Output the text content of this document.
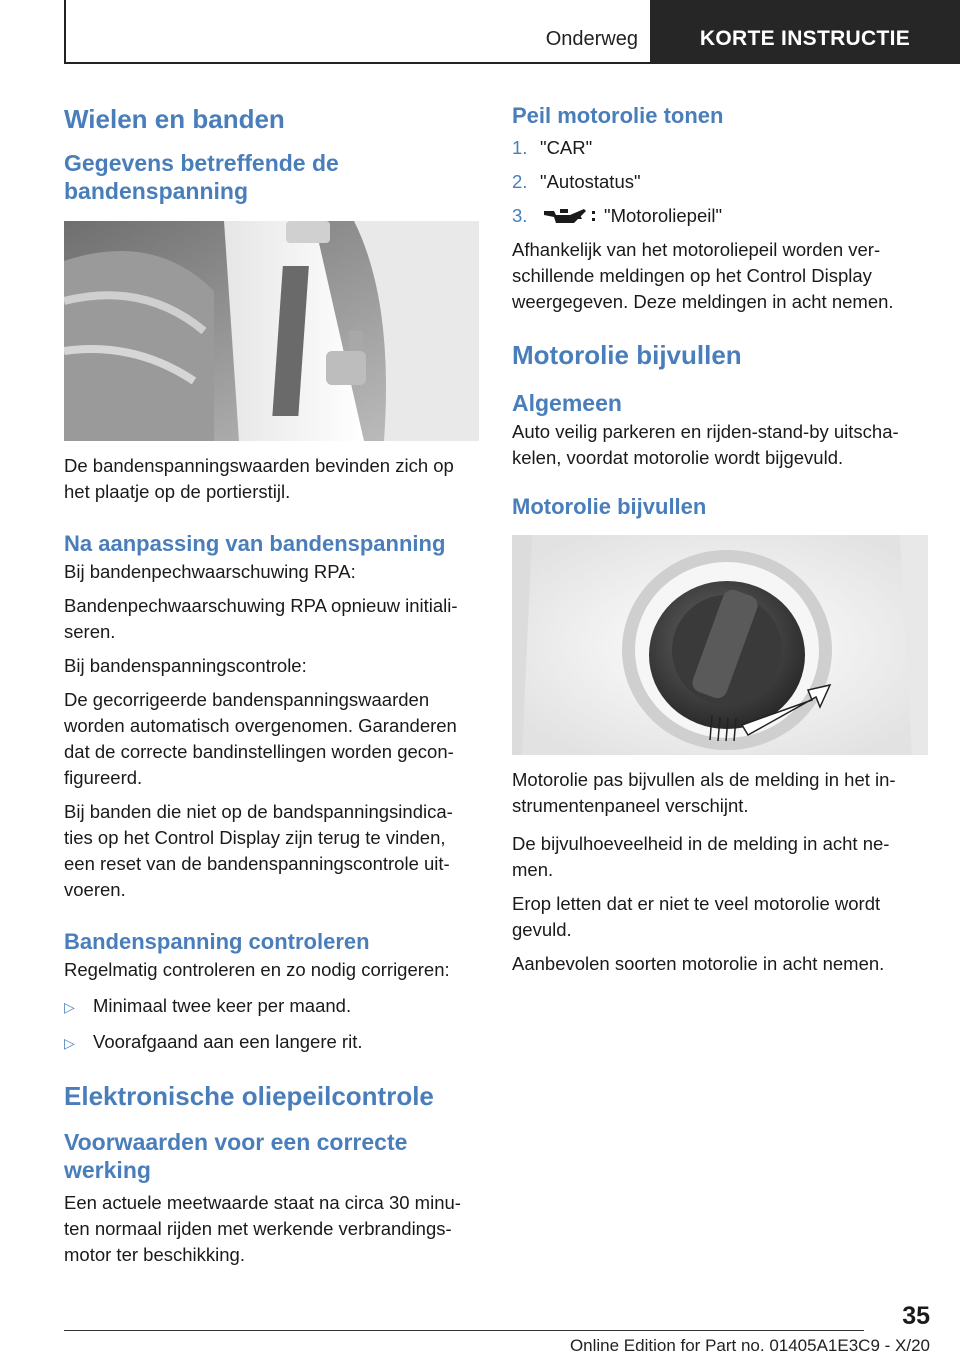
Onderweg	KORTE INSTRUCTIE
Wielen en banden
Gegevens betreffende de bandenspanning

De bandenspanningswaarden bevinden zich op het plaatje op de portierstijl.

Na aanpassing van bandenspanning

Bij bandenpechwaarschuwing RPA:

Bandenpechwaarschuwing RPA opnieuw initiali-seren.

Bij bandenspanningscontrole:

De gecorrigeerde bandenspanningswaarden worden automatisch overgenomen. Garanderen dat de correcte bandinstellingen worden gecon-figureerd.

Bij banden die niet op de bandspanningsindica-ties op het Control Display zijn terug te vinden, een reset van de bandenspanningscontrole uit-voeren.

Bandenspanning controleren

Regelmatig controleren en zo nodig corrigeren:

▷ Minimaal twee keer per maand.
▷ Voorafgaand aan een langere rit.
Elektronische oliepeilcontrole
Voorwaarden voor een correcte werking

Een actuele meetwaarde staat na circa 30 minu-ten normaal rijden met werkende verbrandings-motor ter beschikking.

Peil motorolie tonen
1. "CAR"
2. "Autostatus"
3.	"Motoroliepeil"

Afhankelijk van het motoroliepeil worden ver-schillende meldingen op het Control Display weergegeven. Deze meldingen in acht nemen.

Motorolie bijvullen
Algemeen

Auto veilig parkeren en rijden-stand-by uitscha-kelen, voordat motorolie wordt bijgevuld.

Motorolie bijvullen

Motorolie pas bijvullen als de melding in het in-strumentenpaneel verschijnt.

De bijvulhoeveelheid in de melding in acht ne-men.

Erop letten dat er niet te veel motorolie wordt gevuld.

Aanbevolen soorten motorolie in acht nemen.

35
Online Edition for Part no. 01405A1E3C9 - X/20
